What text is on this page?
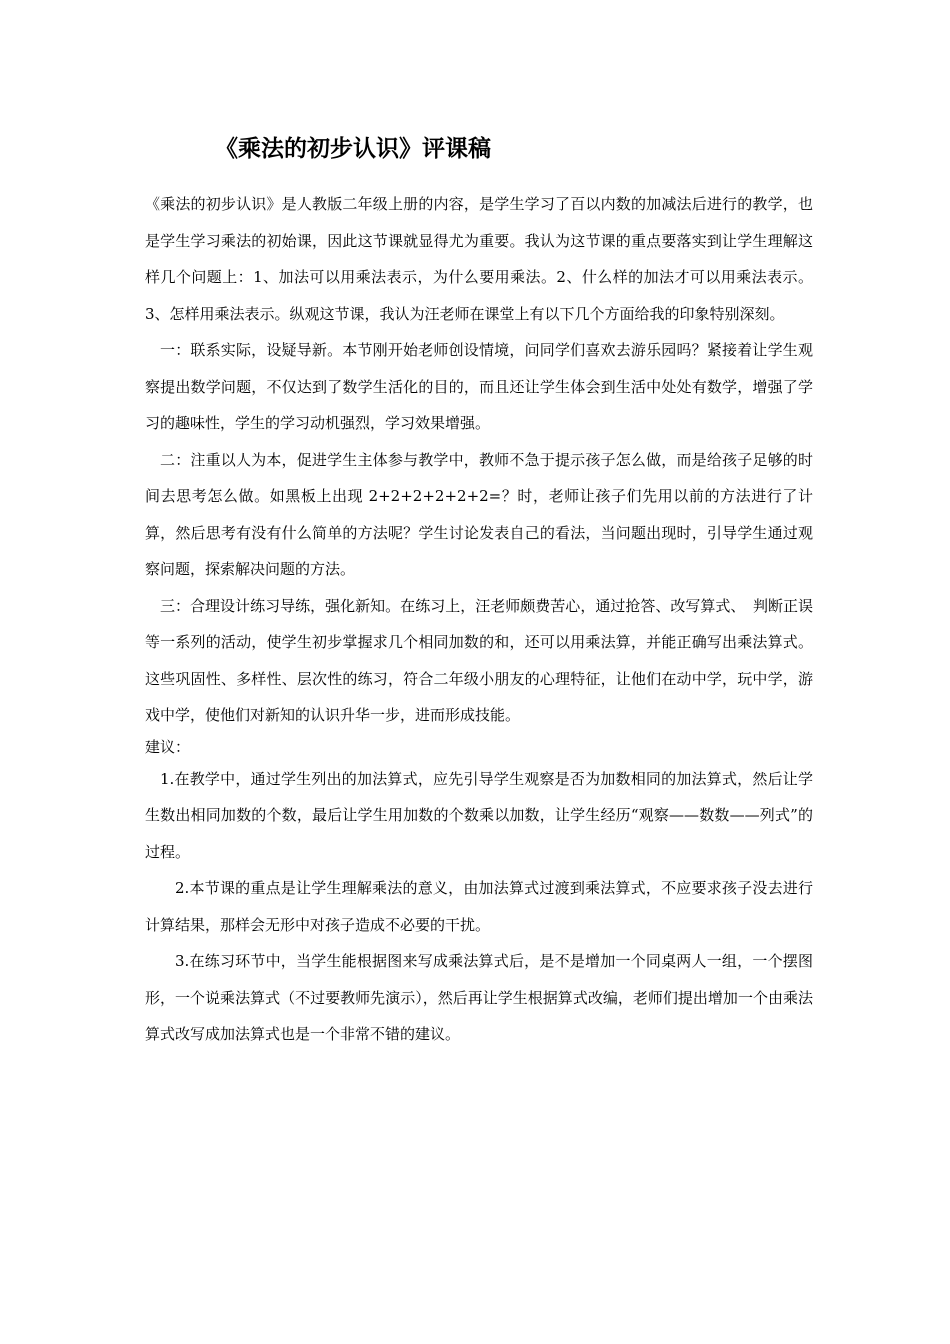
《乘法的初步认识》评课稿

《乘法的初步认识》是人教版二年级上册的内容，是学生学习了百以内数的加减法后进行的教学，也是学生学习乘法的初始课，因此这节课就显得尤为重要。我认为这节课的重点要落实到让学生理解这样几个问题上：1、加法可以用乘法表示，为什么要用乘法。2、什么样的加法才可以用乘法表示。3、怎样用乘法表示。纵观这节课，我认为汪老师在课堂上有以下几个方面给我的印象特别深刻。

一：联系实际，设疑导新。本节刚开始老师创设情境，问同学们喜欢去游乐园吗？紧接着让学生观察提出数学问题，不仅达到了数学生活化的目的，而且还让学生体会到生活中处处有数学，增强了学习的趣味性，学生的学习动机强烈，学习效果增强。

二：注重以人为本，促进学生主体参与教学中，教师不急于提示孩子怎么做，而是给孩子足够的时间去思考怎么做。如黑板上出现 2+2+2+2+2+2=？时，老师让孩子们先用以前的方法进行了计算，然后思考有没有什么简单的方法呢？学生讨论发表自己的看法，当问题出现时，引导学生通过观察问题，探索解决问题的方法。

三：合理设计练习导练，强化新知。在练习上，汪老师颇费苦心，通过抢答、改写算式、　判断正误等一系列的活动，使学生初步掌握求几个相同加数的和，还可以用乘法算，并能正确写出乘法算式。这些巩固性、多样性、层次性的练习，符合二年级小朋友的心理特征，让他们在动中学，玩中学，游戏中学，使他们对新知的认识升华一步，进而形成技能。

建议：

1.在教学中，通过学生列出的加法算式，应先引导学生观察是否为加数相同的加法算式，然后让学生数出相同加数的个数，最后让学生用加数的个数乘以加数，让学生经历“观察——数数——列式”的过程。

2.本节课的重点是让学生理解乘法的意义，由加法算式过渡到乘法算式，不应要求孩子没去进行计算结果，那样会无形中对孩子造成不必要的干扰。

3.在练习环节中，当学生能根据图来写成乘法算式后，是不是增加一个同桌两人一组，一个摆图形，一个说乘法算式（不过要教师先演示），然后再让学生根据算式改编，老师们提出增加一个由乘法算式改写成加法算式也是一个非常不错的建议。
